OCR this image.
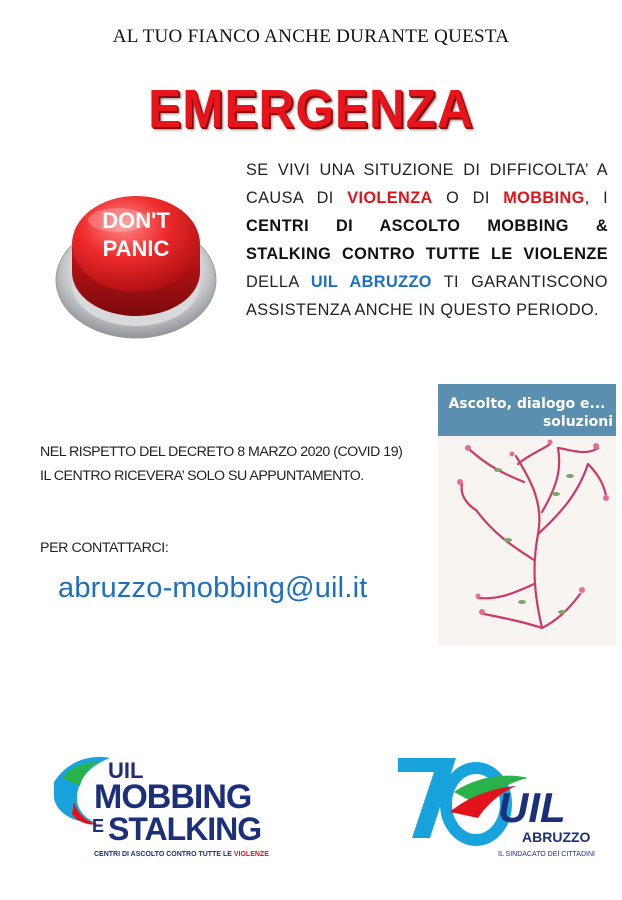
AL TUO FIANCO ANCHE DURANTE QUESTA
EMERGENZA
DON'T
PANIC
SE VIVI UNA SITUZIONE DI DIFFICOLTA’ A CAUSA DI VIOLENZA O DI MOBBING, I CENTRI DI ASCOLTO MOBBING & STALKING CONTRO TUTTE LE VIOLENZE DELLA UIL ABRUZZO TI GARANTISCONO ASSISTENZA ANCHE IN QUESTO PERIODO.
NEL RISPETTO DEL DECRETO 8 MARZO 2020 (COVID 19)
IL CENTRO RICEVERA’ SOLO SU APPUNTAMENTO.
PER CONTATTARCI:
abruzzo-mobbing@uil.it
Ascolto, dialogo e...
soluzioni
UIL
MOBBING
E STALKING
CENTRI DI ASCOLTO CONTRO TUTTE LE VIOLENZE
UIL
ABRUZZO
IL SINDACATO DEI CITTADINI
